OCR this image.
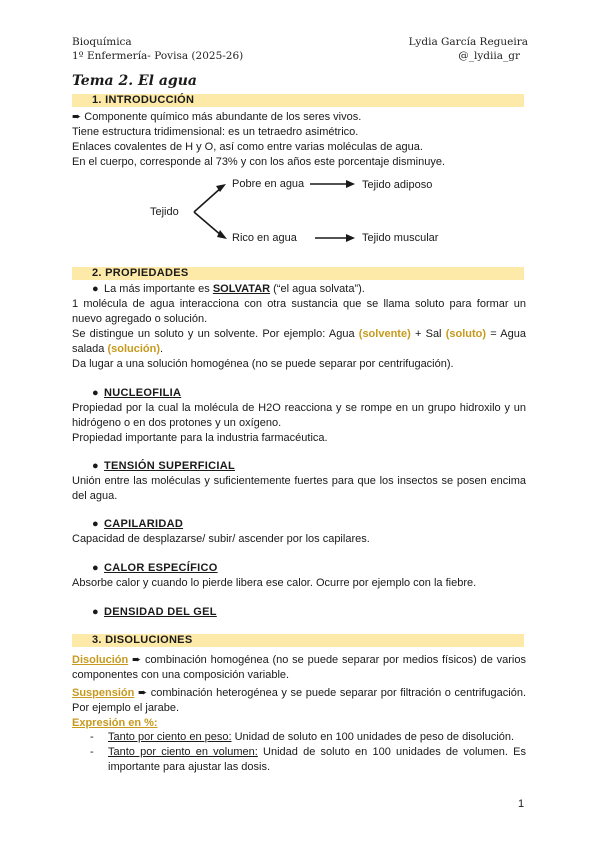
Bioquímica
1º Enfermería- Povisa (2025-26)
Lydia García Regueira
@_lydiia_gr
Tema 2. El agua
1. INTRODUCCIÓN
➨ Componente químico más abundante de los seres vivos.
Tiene estructura tridimensional: es un tetraedro asimétrico.
Enlaces covalentes de H y O, así como entre varias moléculas de agua.
En el cuerpo, corresponde al 73% y con los años este porcentaje disminuye.
Tejido
Pobre en agua	Tejido adiposo
Rico en agua	Tejido muscular
2. PROPIEDADES
● La más importante es SOLVATAR (“el agua solvata”).
1 molécula de agua interacciona con otra sustancia que se llama soluto para formar un nuevo agregado o solución.
Se distingue un soluto y un solvente. Por ejemplo: Agua (solvente) + Sal (soluto) = Agua salada (solución).
Da lugar a una solución homogénea (no se puede separar por centrifugación).
● NUCLEOFILIA
Propiedad por la cual la molécula de H2O reacciona y se rompe en un grupo hidroxilo y un hidrógeno o en dos protones y un oxígeno.
Propiedad importante para la industria farmacéutica.
● TENSIÓN SUPERFICIAL
Unión entre las moléculas y suficientemente fuertes para que los insectos se posen encima del agua.
● CAPILARIDAD
Capacidad de desplazarse/ subir/ ascender por los capilares.
● CALOR ESPECÍFICO
Absorbe calor y cuando lo pierde libera ese calor. Ocurre por ejemplo con la fiebre.
● DENSIDAD DEL GEL
3. DISOLUCIONES
Disolución ➨ combinación homogénea (no se puede separar por medios físicos) de varios componentes con una composición variable.
Suspensión ➨ combinación heterogénea y se puede separar por filtración o centrifugación. Por ejemplo el jarabe.
Expresión en %:
- Tanto por ciento en peso: Unidad de soluto en 100 unidades de peso de disolución.
- Tanto por ciento en volumen: Unidad de soluto en 100 unidades de volumen. Es importante para ajustar las dosis.
1
